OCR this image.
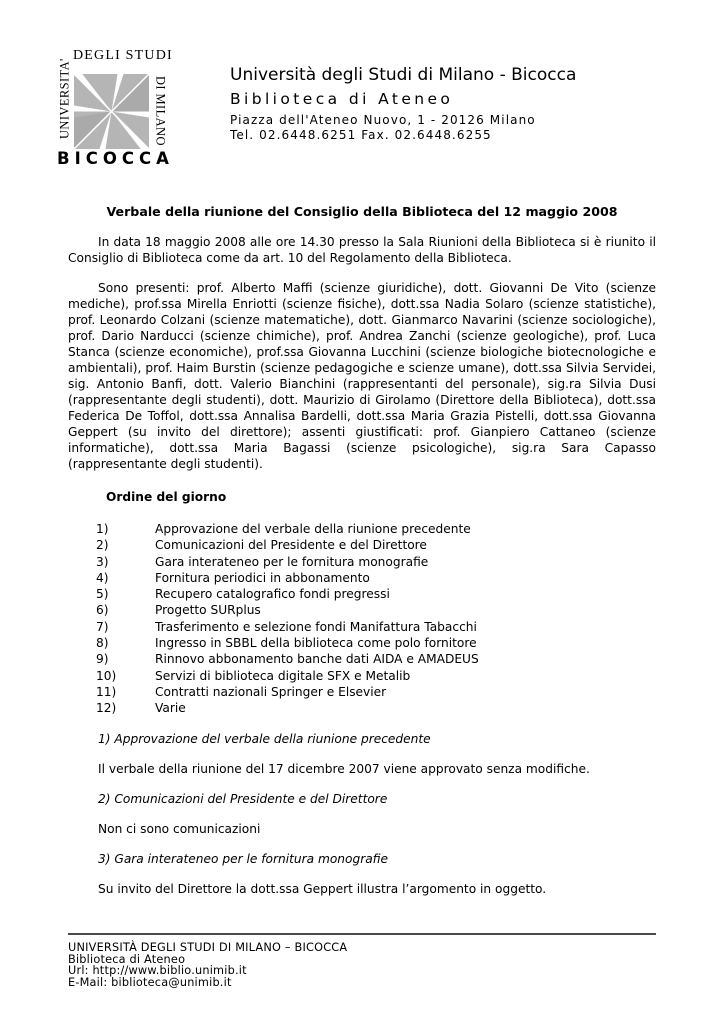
UNIVERSITA'
DEGLI STUDI
DI MILANO
BICOCCA

Università degli Studi di Milano - Bicocca

Biblioteca di Ateneo

Piazza dell'Ateneo Nuovo, 1 - 20126 Milano

Tel. 02.6448.6251 Fax. 02.6448.6255

Verbale della riunione del Consiglio della Biblioteca del 12 maggio 2008

In data 18 maggio 2008 alle ore 14.30 presso la Sala Riunioni della Biblioteca si è riunito il Consiglio di Biblioteca come da art. 10 del Regolamento della Biblioteca.

Sono presenti: prof. Alberto Maffi (scienze giuridiche), dott. Giovanni De Vito (scienze mediche), prof.ssa Mirella Enriotti (scienze fisiche), dott.ssa Nadia Solaro (scienze statistiche), prof. Leonardo Colzani (scienze matematiche), dott. Gianmarco Navarini (scienze sociologiche), prof. Dario Narducci (scienze chimiche), prof. Andrea Zanchi (scienze geologiche), prof. Luca Stanca (scienze economiche), prof.ssa Giovanna Lucchini (scienze biologiche biotecnologiche e ambientali), prof. Haim Burstin (scienze pedagogiche e scienze umane), dott.ssa Silvia Servidei, sig. Antonio Banfi, dott. Valerio Bianchini (rappresentanti del personale), sig.ra Silvia Dusi (rappresentante degli studenti), dott. Maurizio di Girolamo (Direttore della Biblioteca), dott.ssa Federica De Toffol, dott.ssa Annalisa Bardelli, dott.ssa Maria Grazia Pistelli, dott.ssa Giovanna Geppert (su invito del direttore); assenti giustificati: prof. Gianpiero Cattaneo (scienze informatiche), dott.ssa Maria Bagassi (scienze psicologiche), sig.ra Sara Capasso (rappresentante degli studenti).

Ordine del giorno

1)	Approvazione del verbale della riunione precedente
2)	Comunicazioni del Presidente e del Direttore
3)	Gara interateneo per le fornitura monografie
4)	Fornitura periodici in abbonamento
5)	Recupero catalografico fondi pregressi
6)	Progetto SURplus
7)	Trasferimento e selezione fondi Manifattura Tabacchi
8)	Ingresso in SBBL della biblioteca come polo fornitore
9)	Rinnovo abbonamento banche dati AIDA e AMADEUS
10)	Servizi di biblioteca digitale SFX e Metalib
11)	Contratti nazionali Springer e Elsevier
12)	Varie

1) Approvazione del verbale della riunione precedente

Il verbale della riunione del 17 dicembre 2007 viene approvato senza modifiche.

2) Comunicazioni del Presidente e del Direttore

Non ci sono comunicazioni

3) Gara interateneo per le fornitura monografie

Su invito del Direttore la dott.ssa Geppert illustra l’argomento in oggetto.

UNIVERSITÀ DEGLI STUDI DI MILANO – BICOCCA

Biblioteca di Ateneo

Url: http://www.biblio.unimib.it

E-Mail: biblioteca@unimib.it
